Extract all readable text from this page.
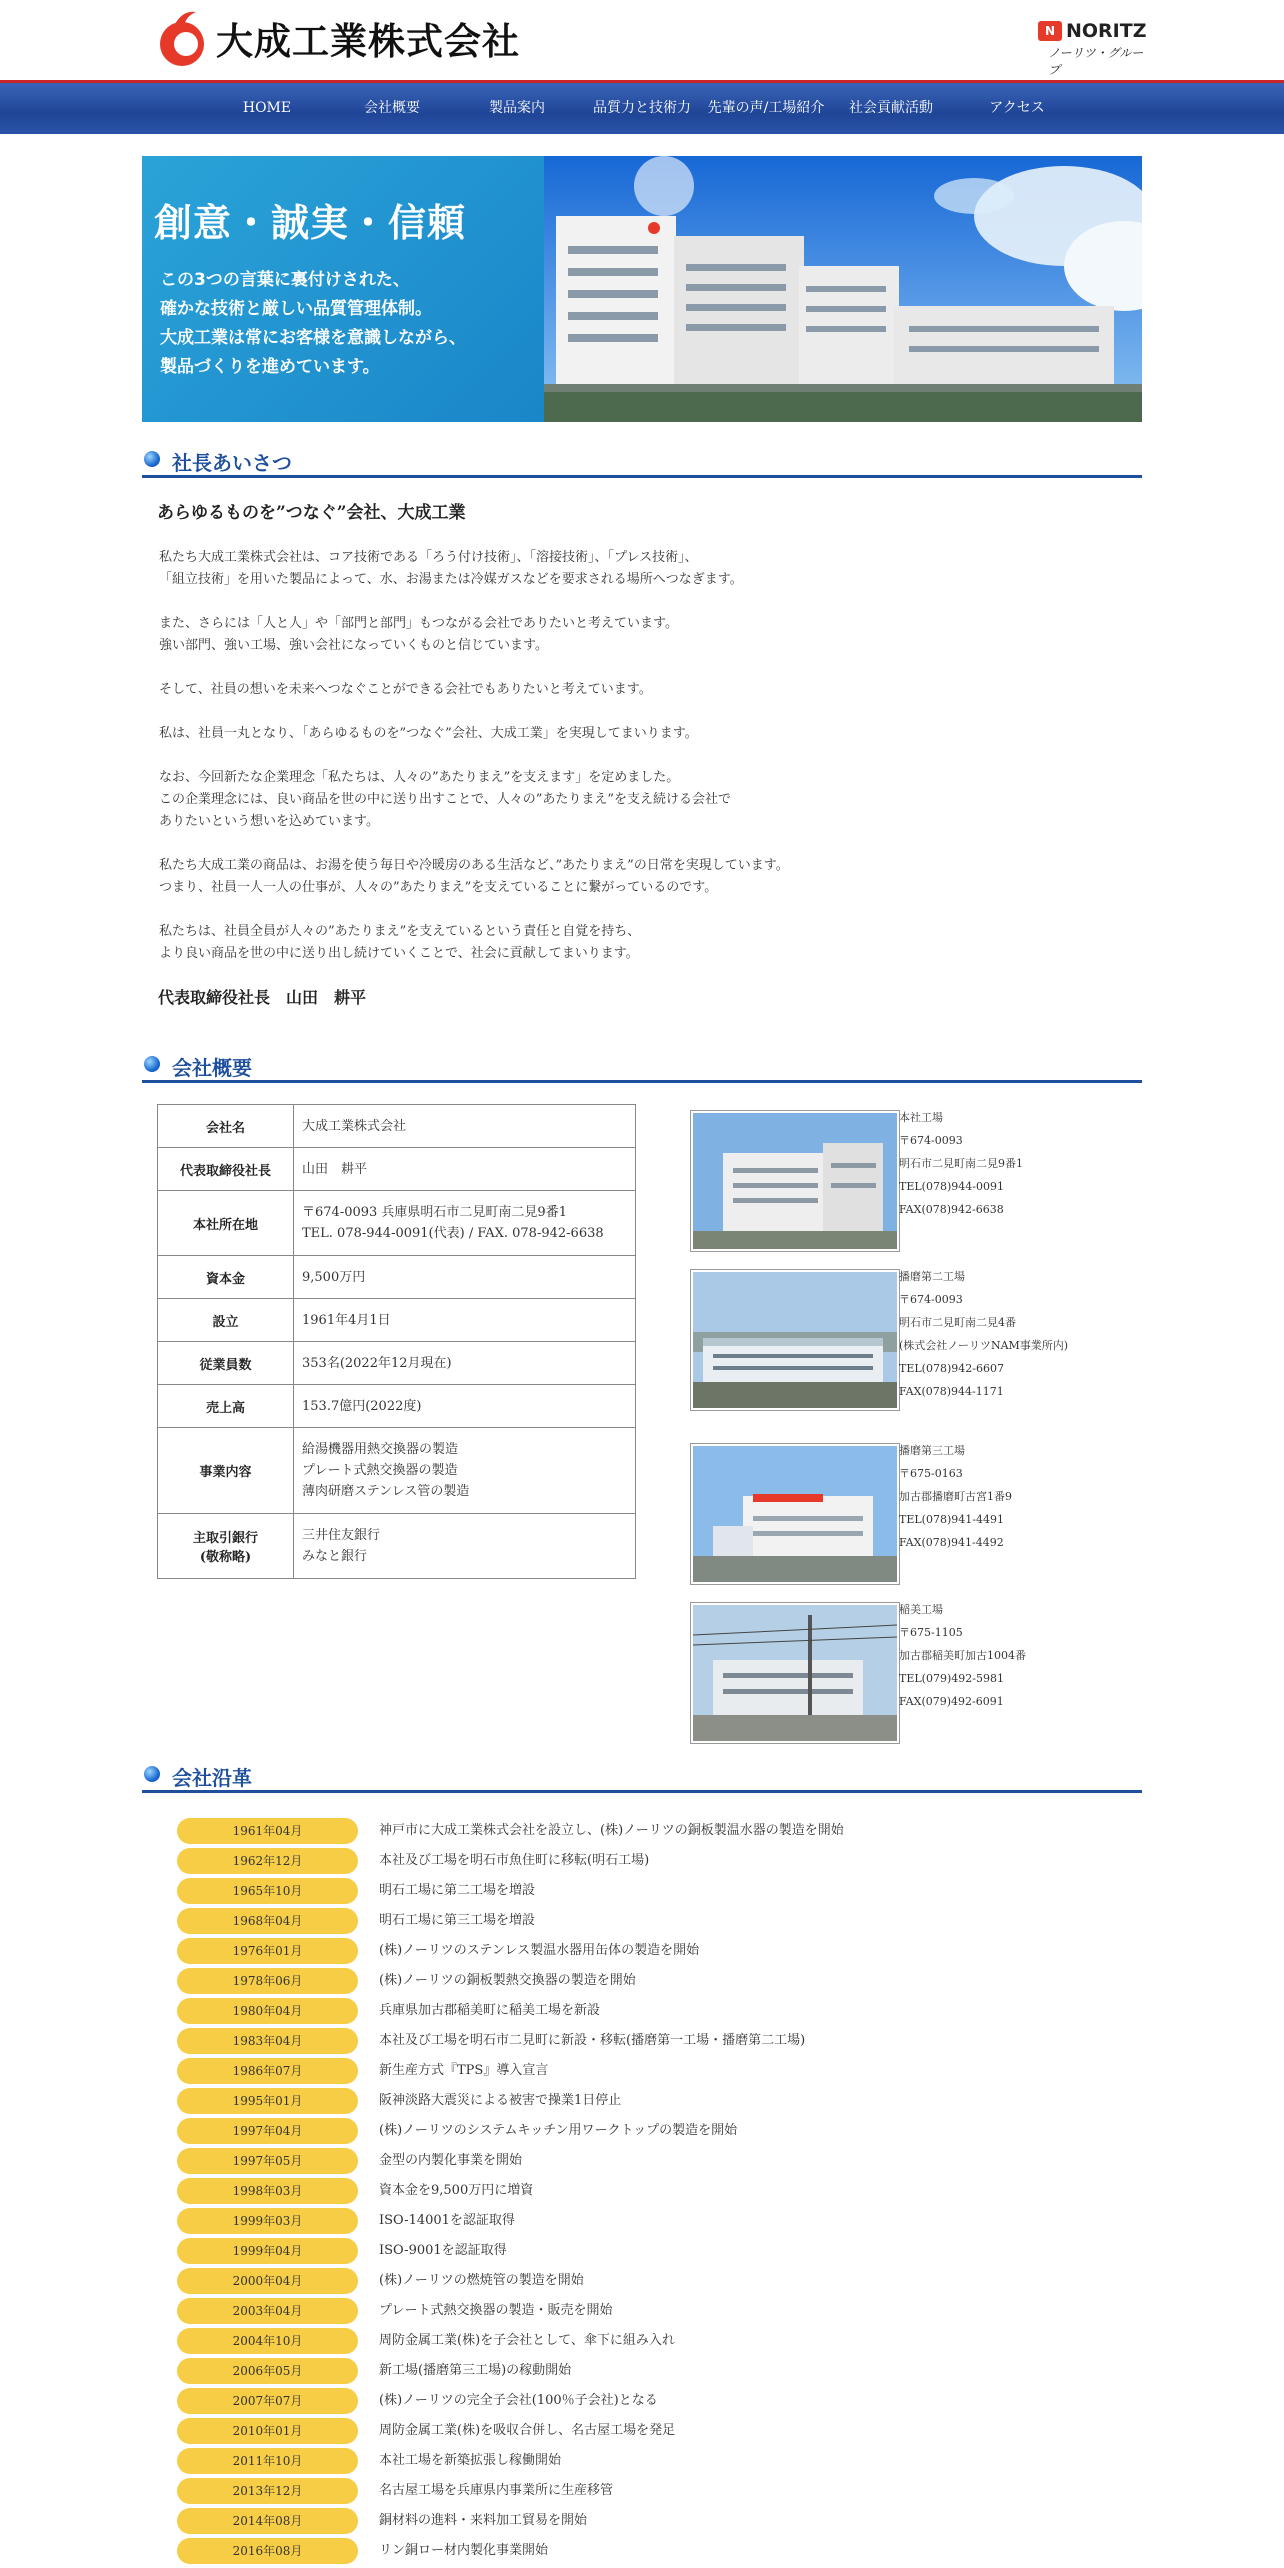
大成工業株式会社	N NORITZ
ノーリツ・グループ
HOME	会社概要	製品案内	品質力と技術力	先輩の声/工場紹介	社会貢献活動	アクセス
創意・誠実・信頼
この3つの言葉に裏付けされた、
確かな技術と厳しい品質管理体制。
大成工業は常にお客様を意識しながら、
製品づくりを進めています。
社長あいさつ
あらゆるものを”つなぐ”会社、大成工業

私たち大成工業株式会社は、コア技術である「ろう付け技術」、「溶接技術」、「プレス技術」、
「組立技術」を用いた製品によって、水、お湯または冷媒ガスなどを要求される場所へつなぎます。

また、さらには「人と人」や「部門と部門」もつながる会社でありたいと考えています。
強い部門、強い工場、強い会社になっていくものと信じています。

そして、社員の想いを未来へつなぐことができる会社でもありたいと考えています。

私は、社員一丸となり、「あらゆるものを”つなぐ”会社、大成工業」を実現してまいります。

なお、今回新たな企業理念「私たちは、人々の”あたりまえ”を支えます」を定めました。
この企業理念には、良い商品を世の中に送り出すことで、人々の”あたりまえ”を支え続ける会社で
ありたいという想いを込めています。

私たち大成工業の商品は、お湯を使う毎日や冷暖房のある生活など、”あたりまえ”の日常を実現しています。
つまり、社員一人一人の仕事が、人々の”あたりまえ”を支えていることに繋がっているのです。

私たちは、社員全員が人々の”あたりまえ”を支えているという責任と自覚を持ち、
より良い商品を世の中に送り出し続けていくことで、社会に貢献してまいります。

代表取締役社長　山田　耕平
会社概要
会社名	大成工業株式会社
代表取締役社長	山田　耕平
本社所在地	〒674-0093 兵庫県明石市二見町南二見9番1
TEL. 078-944-0091(代表) / FAX. 078-942-6638
資本金	9,500万円
設立	1961年4月1日
従業員数	353名(2022年12月現在)
売上高	153.7億円(2022度)
事業内容	給湯機器用熱交換器の製造
プレート式熱交換器の製造
薄肉研磨ステンレス管の製造
主取引銀行
(敬称略)	三井住友銀行
みなと銀行
本社工場
〒674-0093
明石市二見町南二見9番1
TEL(078)944-0091
FAX(078)942-6638
播磨第二工場
〒674-0093
明石市二見町南二見4番
(株式会社ノーリツNAM事業所内)
TEL(078)942-6607
FAX(078)944-1171
播磨第三工場
〒675-0163
加古郡播磨町古宮1番9
TEL(078)941-4491
FAX(078)941-4492
稲美工場
〒675-1105
加古郡稲美町加古1004番
TEL(079)492-5981
FAX(079)492-6091
会社沿革
1961年04月	神戸市に大成工業株式会社を設立し、(株)ノーリツの銅板製温水器の製造を開始
1962年12月	本社及び工場を明石市魚住町に移転(明石工場)
1965年10月	明石工場に第二工場を増設
1968年04月	明石工場に第三工場を増設
1976年01月	(株)ノーリツのステンレス製温水器用缶体の製造を開始
1978年06月	(株)ノーリツの銅板製熱交換器の製造を開始
1980年04月	兵庫県加古郡稲美町に稲美工場を新設
1983年04月	本社及び工場を明石市二見町に新設・移転(播磨第一工場・播磨第二工場)
1986年07月	新生産方式『TPS』導入宣言
1995年01月	阪神淡路大震災による被害で操業1日停止
1997年04月	(株)ノーリツのシステムキッチン用ワークトップの製造を開始
1997年05月	金型の内製化事業を開始
1998年03月	資本金を9,500万円に増資
1999年03月	ISO-14001を認証取得
1999年04月	ISO-9001を認証取得
2000年04月	(株)ノーリツの燃焼管の製造を開始
2003年04月	プレート式熱交換器の製造・販売を開始
2004年10月	周防金属工業(株)を子会社として、傘下に組み入れ
2006年05月	新工場(播磨第三工場)の稼動開始
2007年07月	(株)ノーリツの完全子会社(100％子会社)となる
2010年01月	周防金属工業(株)を吸収合併し、名古屋工場を発足
2011年10月	本社工場を新築拡張し稼働開始
2013年12月	名古屋工場を兵庫県内事業所に生産移管
2014年08月	銅材料の進料・来料加工貿易を開始
2016年08月	リン銅ロー材内製化事業開始
